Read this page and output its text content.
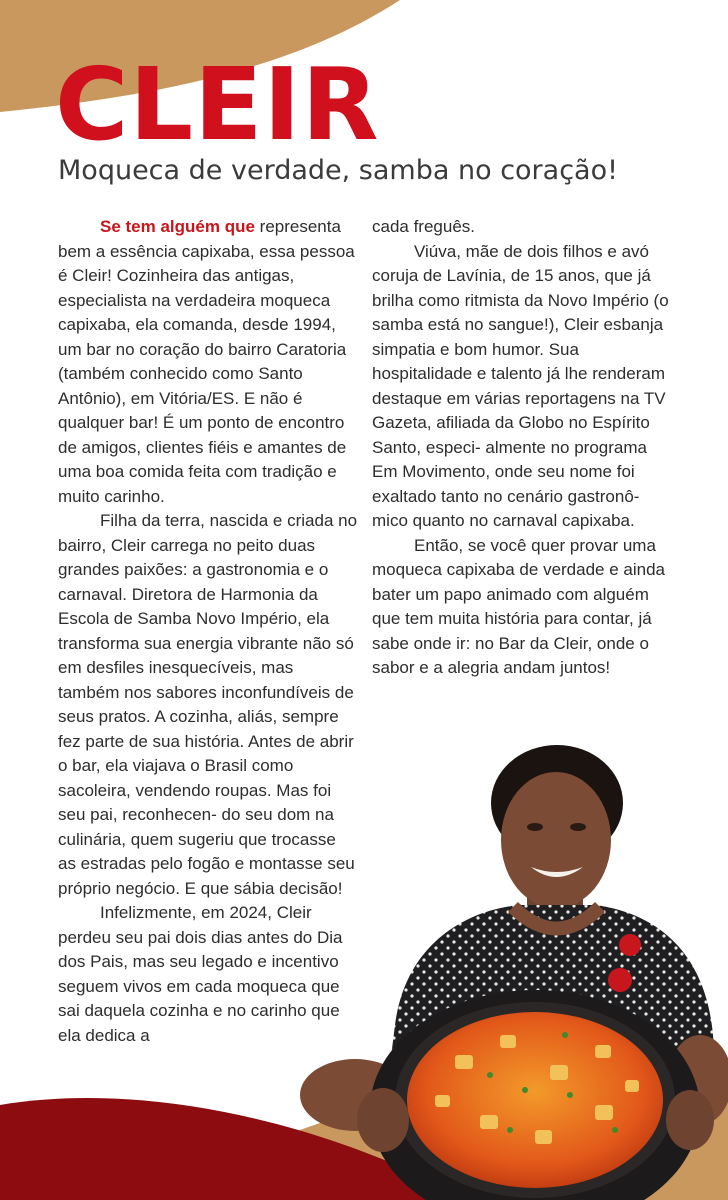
CLEIR
Moqueca de verdade, samba no coração!

Se tem alguém que representa bem a essência capixaba, essa pessoa é Cleir! Cozinheira das antigas, especialista na verdadeira moqueca capixaba, ela comanda, desde 1994, um bar no coração do bairro Caratoria (também conhecido como Santo Antônio), em Vitória/ES. E não é qualquer bar! É um ponto de encontro de amigos, clientes fiéis e amantes de uma boa comida feita com tradição e muito carinho.

Filha da terra, nascida e criada no bairro, Cleir carrega no peito duas grandes paixões: a gastronomia e o carnaval. Diretora de Harmonia da Escola de Samba Novo Império, ela transforma sua energia vibrante não só em desfiles inesquecíveis, mas também nos sabores inconfundíveis de seus pratos. A cozinha, aliás, sempre fez parte de sua história. Antes de abrir o bar, ela viajava o Brasil como sacoleira, vendendo roupas. Mas foi seu pai, reconhecen- do seu dom na culinária, quem sugeriu que trocasse as estradas pelo fogão e montasse seu próprio negócio. E que sábia decisão!

Infelizmente, em 2024, Cleir perdeu seu pai dois dias antes do Dia dos Pais, mas seu legado e incentivo seguem vivos em cada moqueca que sai daquela cozinha e no carinho que ela dedica a

cada freguês.

Viúva, mãe de dois filhos e avó coruja de Lavínia, de 15 anos, que já brilha como ritmista da Novo Império (o samba está no sangue!), Cleir esbanja simpatia e bom humor. Sua hospitalidade e talento já lhe renderam destaque em várias reportagens na TV Gazeta, afiliada da Globo no Espírito Santo, especi- almente no programa Em Movimento, onde seu nome foi exaltado tanto no cenário gastronô- mico quanto no carnaval capixaba.

Então, se você quer provar uma moqueca capixaba de verdade e ainda bater um papo animado com alguém que tem muita história para contar, já sabe onde ir: no Bar da Cleir, onde o sabor e a alegria andam juntos!
